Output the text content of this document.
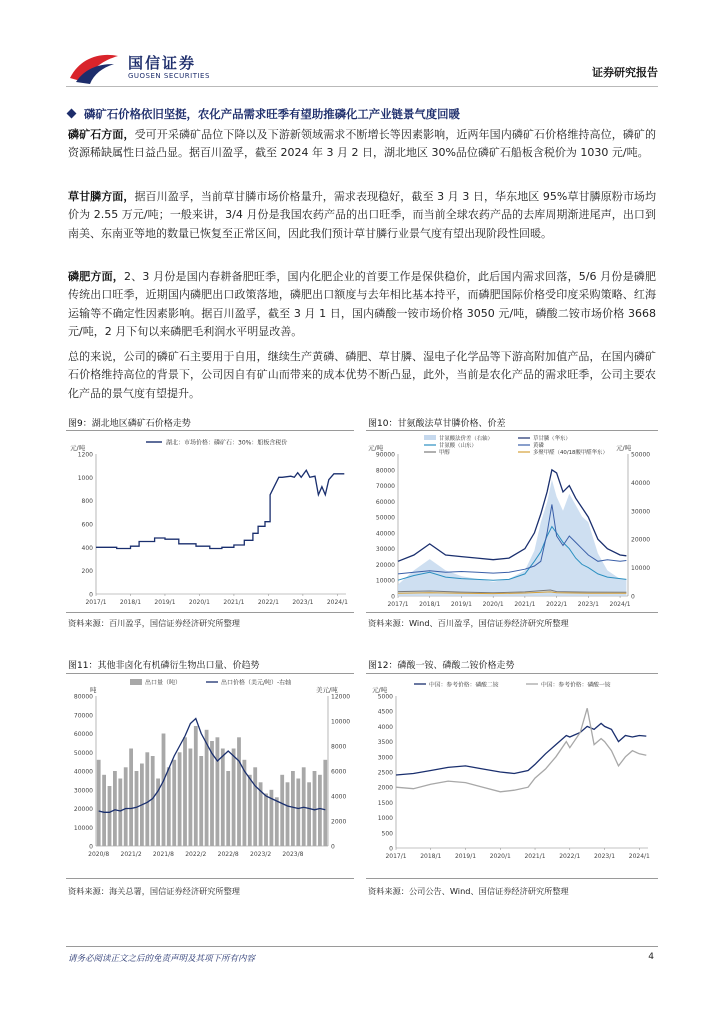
国信证券
GUOSEN SECURITIES	证券研究报告
磷矿石价格依旧坚挺，农化产品需求旺季有望助推磷化工产业链景气度回暖
磷矿石方面，受可开采磷矿品位下降以及下游新领域需求不断增长等因素影响，近两年国内磷矿石价格维持高位，磷矿的资源稀缺属性日益凸显。据百川盈孚，截至 2024 年 3 月 2 日，湖北地区 30%品位磷矿石船板含税价为 1030 元/吨。
草甘膦方面，据百川盈孚，当前草甘膦市场价格量升，需求表现稳好，截至 3 月 3 日，华东地区 95%草甘膦原粉市场均价为 2.55 万元/吨；一般来讲，3/4 月份是我国农药产品的出口旺季，而当前全球农药产品的去库周期渐进尾声，出口到南美、东南亚等地的数量已恢复至正常区间，因此我们预计草甘膦行业景气度有望出现阶段性回暖。
磷肥方面，2、3 月份是国内春耕备肥旺季，国内化肥企业的首要工作是保供稳价，此后国内需求回落，5/6 月份是磷肥传统出口旺季，近期国内磷肥出口政策落地，磷肥出口额度与去年相比基本持平，而磷肥国际价格受印度采购策略、红海运输等不确定性因素影响。据百川盈孚，截至 3 月 1 日，国内磷酸一铵市场价格 3050 元/吨，磷酸二铵市场价格 3668 元/吨，2 月下旬以来磷肥毛利润水平明显改善。
总的来说，公司的磷矿石主要用于自用，继续生产黄磷、磷肥、草甘膦、湿电子化学品等下游高附加值产品，在国内磷矿石价格维持高位的背景下，公司因自有矿山而带来的成本优势不断凸显，此外，当前是农化产品的需求旺季，公司主要农化产品的景气度有望提升。
图9：湖北地区磷矿石价格走势
0
200
400
600
800
1000
1200
元/吨
2017/1 2018/1 2019/1 2020/1 2021/1 2022/1 2023/1 2024/1
湖北：市场价格：磷矿石：30%：船板含税价
资料来源：百川盈孚，国信证券经济研究所整理
图10：甘氨酸法草甘膦价格、价差
0
10000
20000
30000
40000
50000
60000
70000
80000
90000
元/吨
0
10000
20000
30000
40000
50000
元/吨
2017/1 2018/1 2019/1 2020/1 2021/1 2022/1 2023/1 2024/1
甘氨酸法价差（右轴）	草甘膦（华东）
甘氨酸（山东）	黄磷
甲醇	多聚甲醛（40/18酸甲醛华东）
资料来源：Wind、百川盈孚，国信证券经济研究所整理
图11：其他非卤化有机磷衍生物出口量、价趋势
0
10000
20000
30000
40000
50000
60000
70000
80000
吨
0
2000
4000
6000
8000
10000
12000
美元/吨
出口量（吨）	出口价格（美元/吨）-右轴
2020/8 2021/2 2021/8 2022/2 2022/8 2023/2 2023/8
资料来源：海关总署，国信证券经济研究所整理
图12：磷酸一铵、磷酸二铵价格走势
0
500
1000
1500
2000
2500
3000
3500
4000
4500
5000
元/吨
2017/1 2018/1 2019/1 2020/1 2021/1 2022/1 2023/1 2024/1
中国：参考价格：磷酸二铵	中国：参考价格：磷酸一铵
资料来源：公司公告、Wind、国信证券经济研究所整理
请务必阅读正文之后的免责声明及其项下所有内容	4
